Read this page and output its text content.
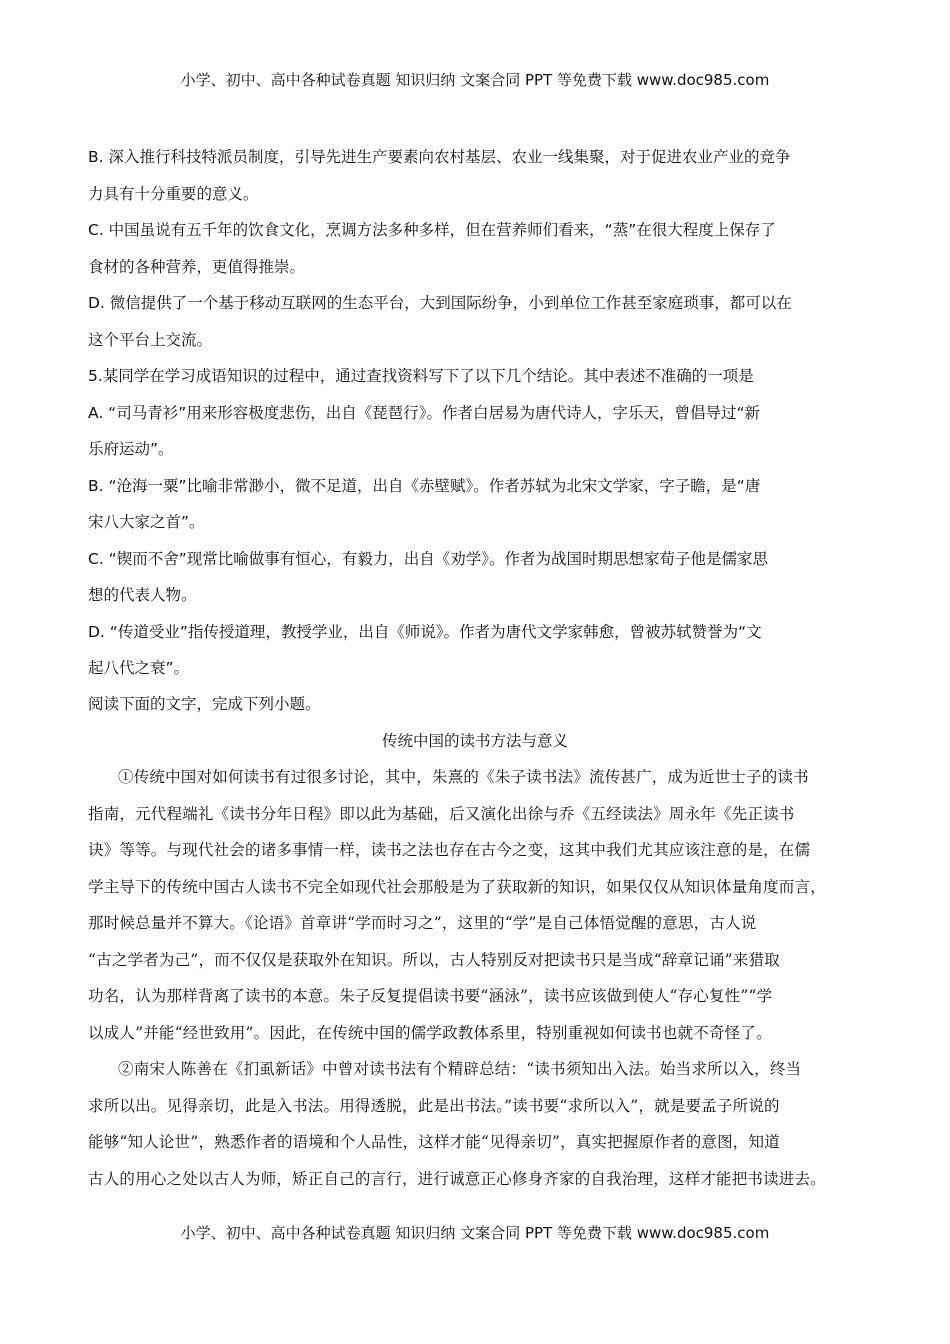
小学、初中、高中各种试卷真题 知识归纳 文案合同 PPT 等免费下载 www.doc985.com
B. 深入推行科技特派员制度，引导先进生产要素向农村基层、农业一线集聚，对于促进农业产业的竞争
力具有十分重要的意义。
C. 中国虽说有五千年的饮食文化，烹调方法多种多样，但在营养师们看来，“蒸”在很大程度上保存了
食材的各种营养，更值得推崇。
D. 微信提供了一个基于移动互联网的生态平台，大到国际纷争，小到单位工作甚至家庭琐事，都可以在
这个平台上交流。
5.某同学在学习成语知识的过程中，通过查找资料写下了以下几个结论。其中表述不准确的一项是
A. “司马青衫”用来形容极度悲伤，出自《琵琶行》。作者白居易为唐代诗人，字乐天，曾倡导过“新
乐府运动”。
B. “沧海一粟”比喻非常渺小，微不足道，出自《赤壁赋》。作者苏轼为北宋文学家，字子瞻，是“唐
宋八大家之首”。
C. “锲而不舍”现常比喻做事有恒心，有毅力，出自《劝学》。作者为战国时期思想家荀子他是儒家思
想的代表人物。
D. “传道受业”指传授道理，教授学业，出自《师说》。作者为唐代文学家韩愈，曾被苏轼赞誉为“文
起八代之衰”。
阅读下面的文字，完成下列小题。
传统中国的读书方法与意义
①传统中国对如何读书有过很多讨论，其中，朱熹的《朱子读书法》流传甚广，成为近世士子的读书
指南，元代程端礼《读书分年日程》即以此为基础，后又演化出徐与乔《五经读法》周永年《先正读书
诀》等等。与现代社会的诸多事情一样，读书之法也存在古今之变，这其中我们尤其应该注意的是，在儒
学主导下的传统中国古人读书不完全如现代社会那般是为了获取新的知识，如果仅仅从知识体量角度而言，
那时候总量并不算大。《论语》首章讲“学而时习之”，这里的“学”是自己体悟觉醒的意思，古人说
“古之学者为己”，而不仅仅是获取外在知识。所以，古人特别反对把读书只是当成“辞章记诵”来猎取
功名，认为那样背离了读书的本意。朱子反复提倡读书要“涵泳”，读书应该做到使人“存心复性”“学
以成人”并能“经世致用”。因此，在传统中国的儒学政教体系里，特别重视如何读书也就不奇怪了。
②南宋人陈善在《扪虱新话》中曾对读书法有个精辟总结：“读书须知出入法。始当求所以入，终当
求所以出。见得亲切，此是入书法。用得透脱，此是出书法。”读书要“求所以入”，就是要孟子所说的
能够“知人论世”，熟悉作者的语境和个人品性，这样才能“见得亲切”，真实把握原作者的意图，知道
古人的用心之处以古人为师，矫正自己的言行，进行诚意正心修身齐家的自我治理，这样才能把书读进去。
小学、初中、高中各种试卷真题 知识归纳 文案合同 PPT 等免费下载 www.doc985.com
